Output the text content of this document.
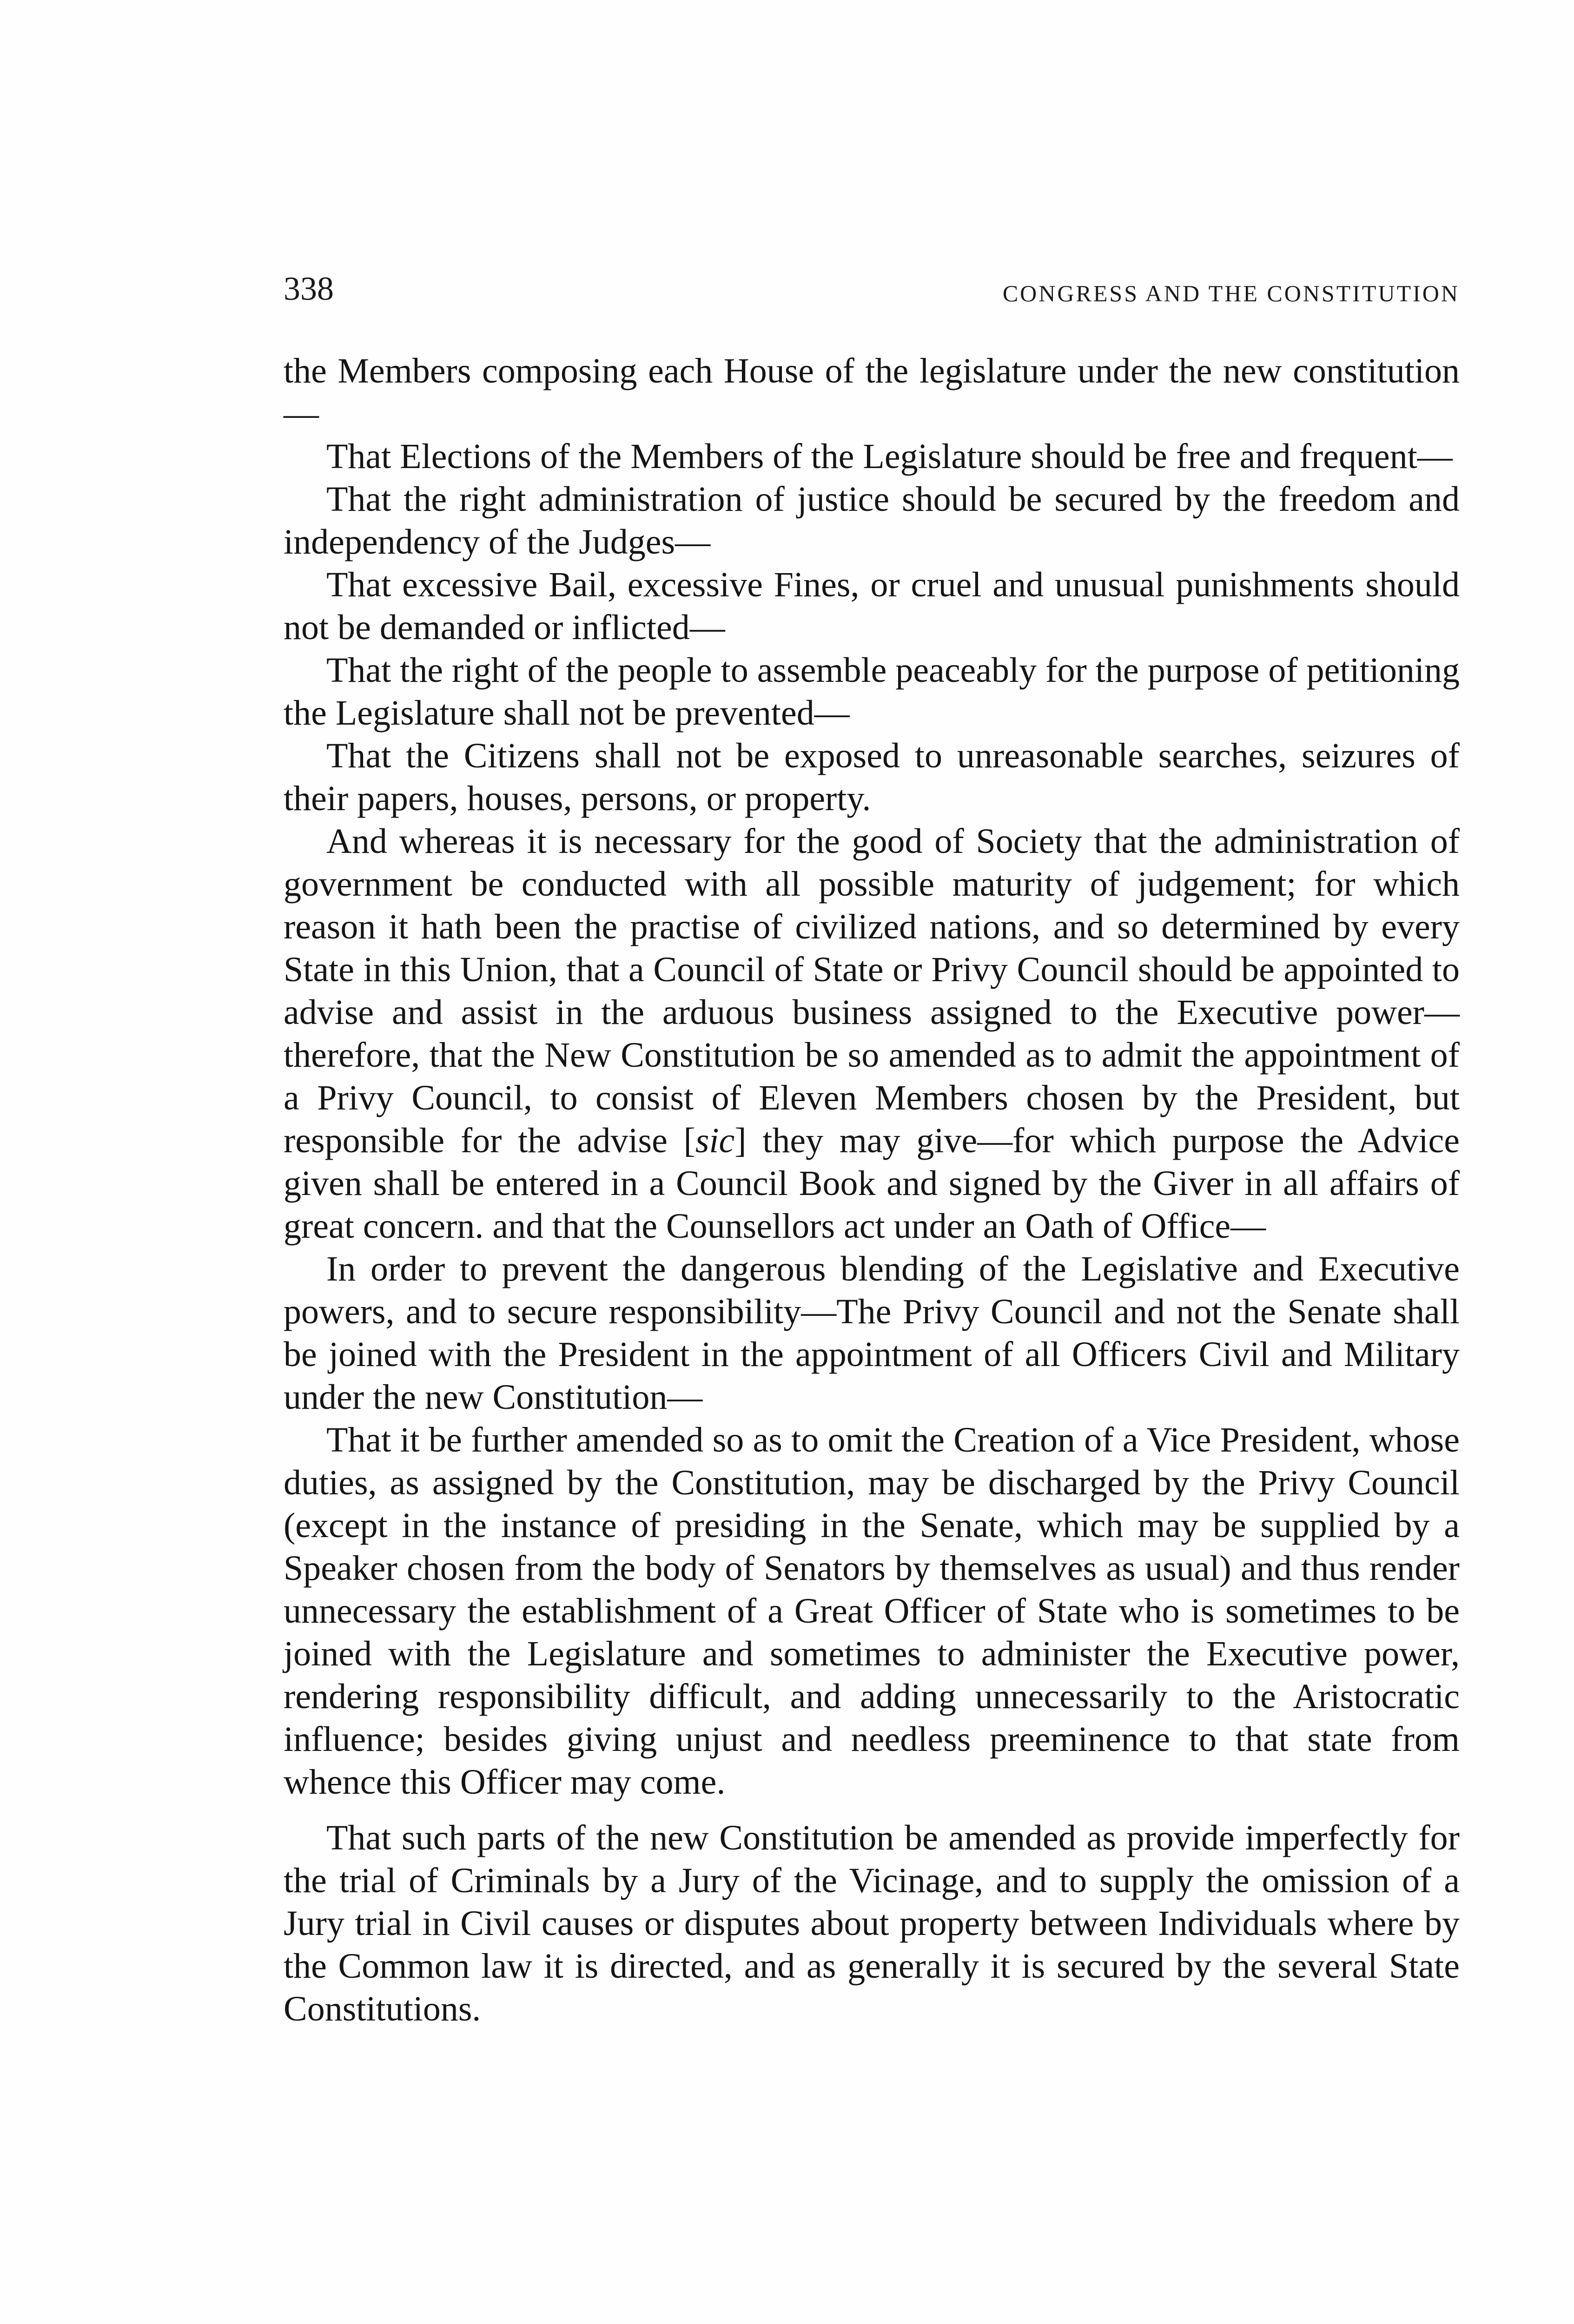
338	CONGRESS AND THE CONSTITUTION

the Members composing each House of the legislature under the new constitution—

That Elections of the Members of the Legislature should be free and frequent—

That the right administration of justice should be secured by the freedom and independency of the Judges—

That excessive Bail, excessive Fines, or cruel and unusual punishments should not be demanded or inflicted—

That the right of the people to assemble peaceably for the purpose of petitioning the Legislature shall not be prevented—

That the Citizens shall not be exposed to unreasonable searches, seizures of their papers, houses, persons, or property.

And whereas it is necessary for the good of Society that the administration of government be conducted with all possible maturity of judgement; for which reason it hath been the practise of civilized nations, and so determined by every State in this Union, that a Council of State or Privy Council should be appointed to advise and assist in the arduous business assigned to the Executive power—therefore, that the New Constitution be so amended as to admit the appointment of a Privy Council, to consist of Eleven Members chosen by the President, but responsible for the advise [sic] they may give—for which purpose the Advice given shall be entered in a Council Book and signed by the Giver in all affairs of great concern. and that the Counsellors act under an Oath of Office—

In order to prevent the dangerous blending of the Legislative and Executive powers, and to secure responsibility—The Privy Council and not the Senate shall be joined with the President in the appointment of all Officers Civil and Military under the new Constitution—

That it be further amended so as to omit the Creation of a Vice President, whose duties, as assigned by the Constitution, may be discharged by the Privy Council (except in the instance of presiding in the Senate, which may be supplied by a Speaker chosen from the body of Senators by themselves as usual) and thus render unnecessary the establishment of a Great Officer of State who is sometimes to be joined with the Legislature and sometimes to administer the Executive power, rendering responsibility difficult, and adding unnecessarily to the Aristocratic influence; besides giving unjust and needless preeminence to that state from whence this Officer may come.

That such parts of the new Constitution be amended as provide imperfectly for the trial of Criminals by a Jury of the Vicinage, and to supply the omission of a Jury trial in Civil causes or disputes about property between Individuals where by the Common law it is directed, and as generally it is secured by the several State Constitutions.
